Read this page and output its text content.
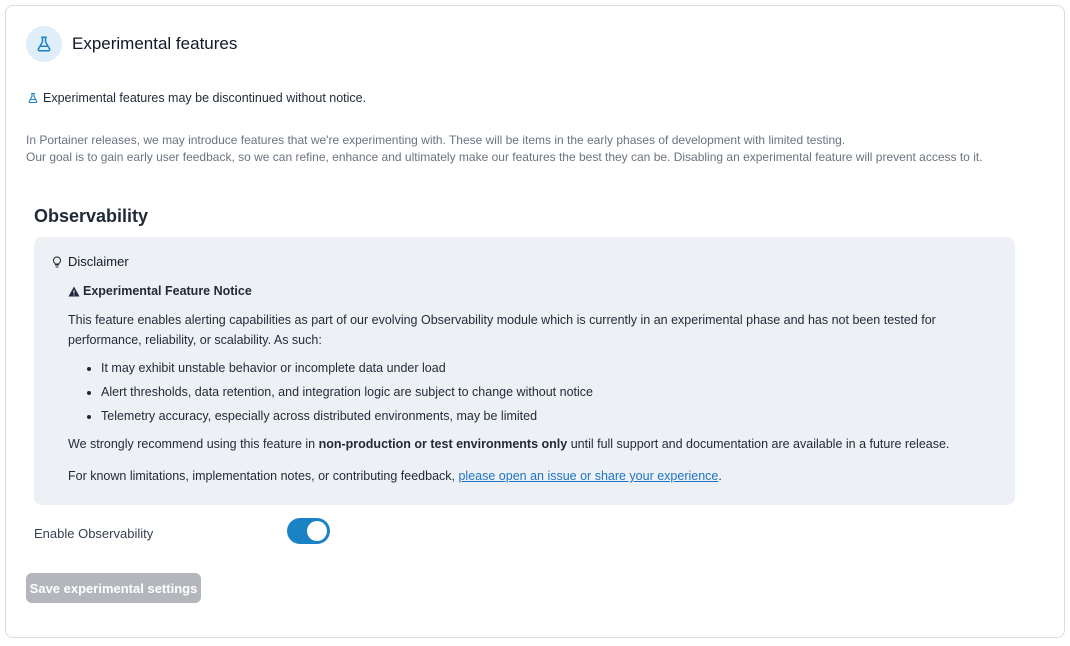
Experimental features
Experimental features may be discontinued without notice.
In Portainer releases, we may introduce features that we're experimenting with. These will be items in the early phases of development with limited testing.
Our goal is to gain early user feedback, so we can refine, enhance and ultimately make our features the best they can be. Disabling an experimental feature will prevent access to it.
Observability
Disclaimer
Experimental Feature Notice
This feature enables alerting capabilities as part of our evolving Observability module which is currently in an experimental phase and has not been tested for performance, reliability, or scalability. As such:
• It may exhibit unstable behavior or incomplete data under load
• Alert thresholds, data retention, and integration logic are subject to change without notice
• Telemetry accuracy, especially across distributed environments, may be limited
We strongly recommend using this feature in non-production or test environments only until full support and documentation are available in a future release.
For known limitations, implementation notes, or contributing feedback, please open an issue or share your experience.
Enable Observability
Save experimental settings
